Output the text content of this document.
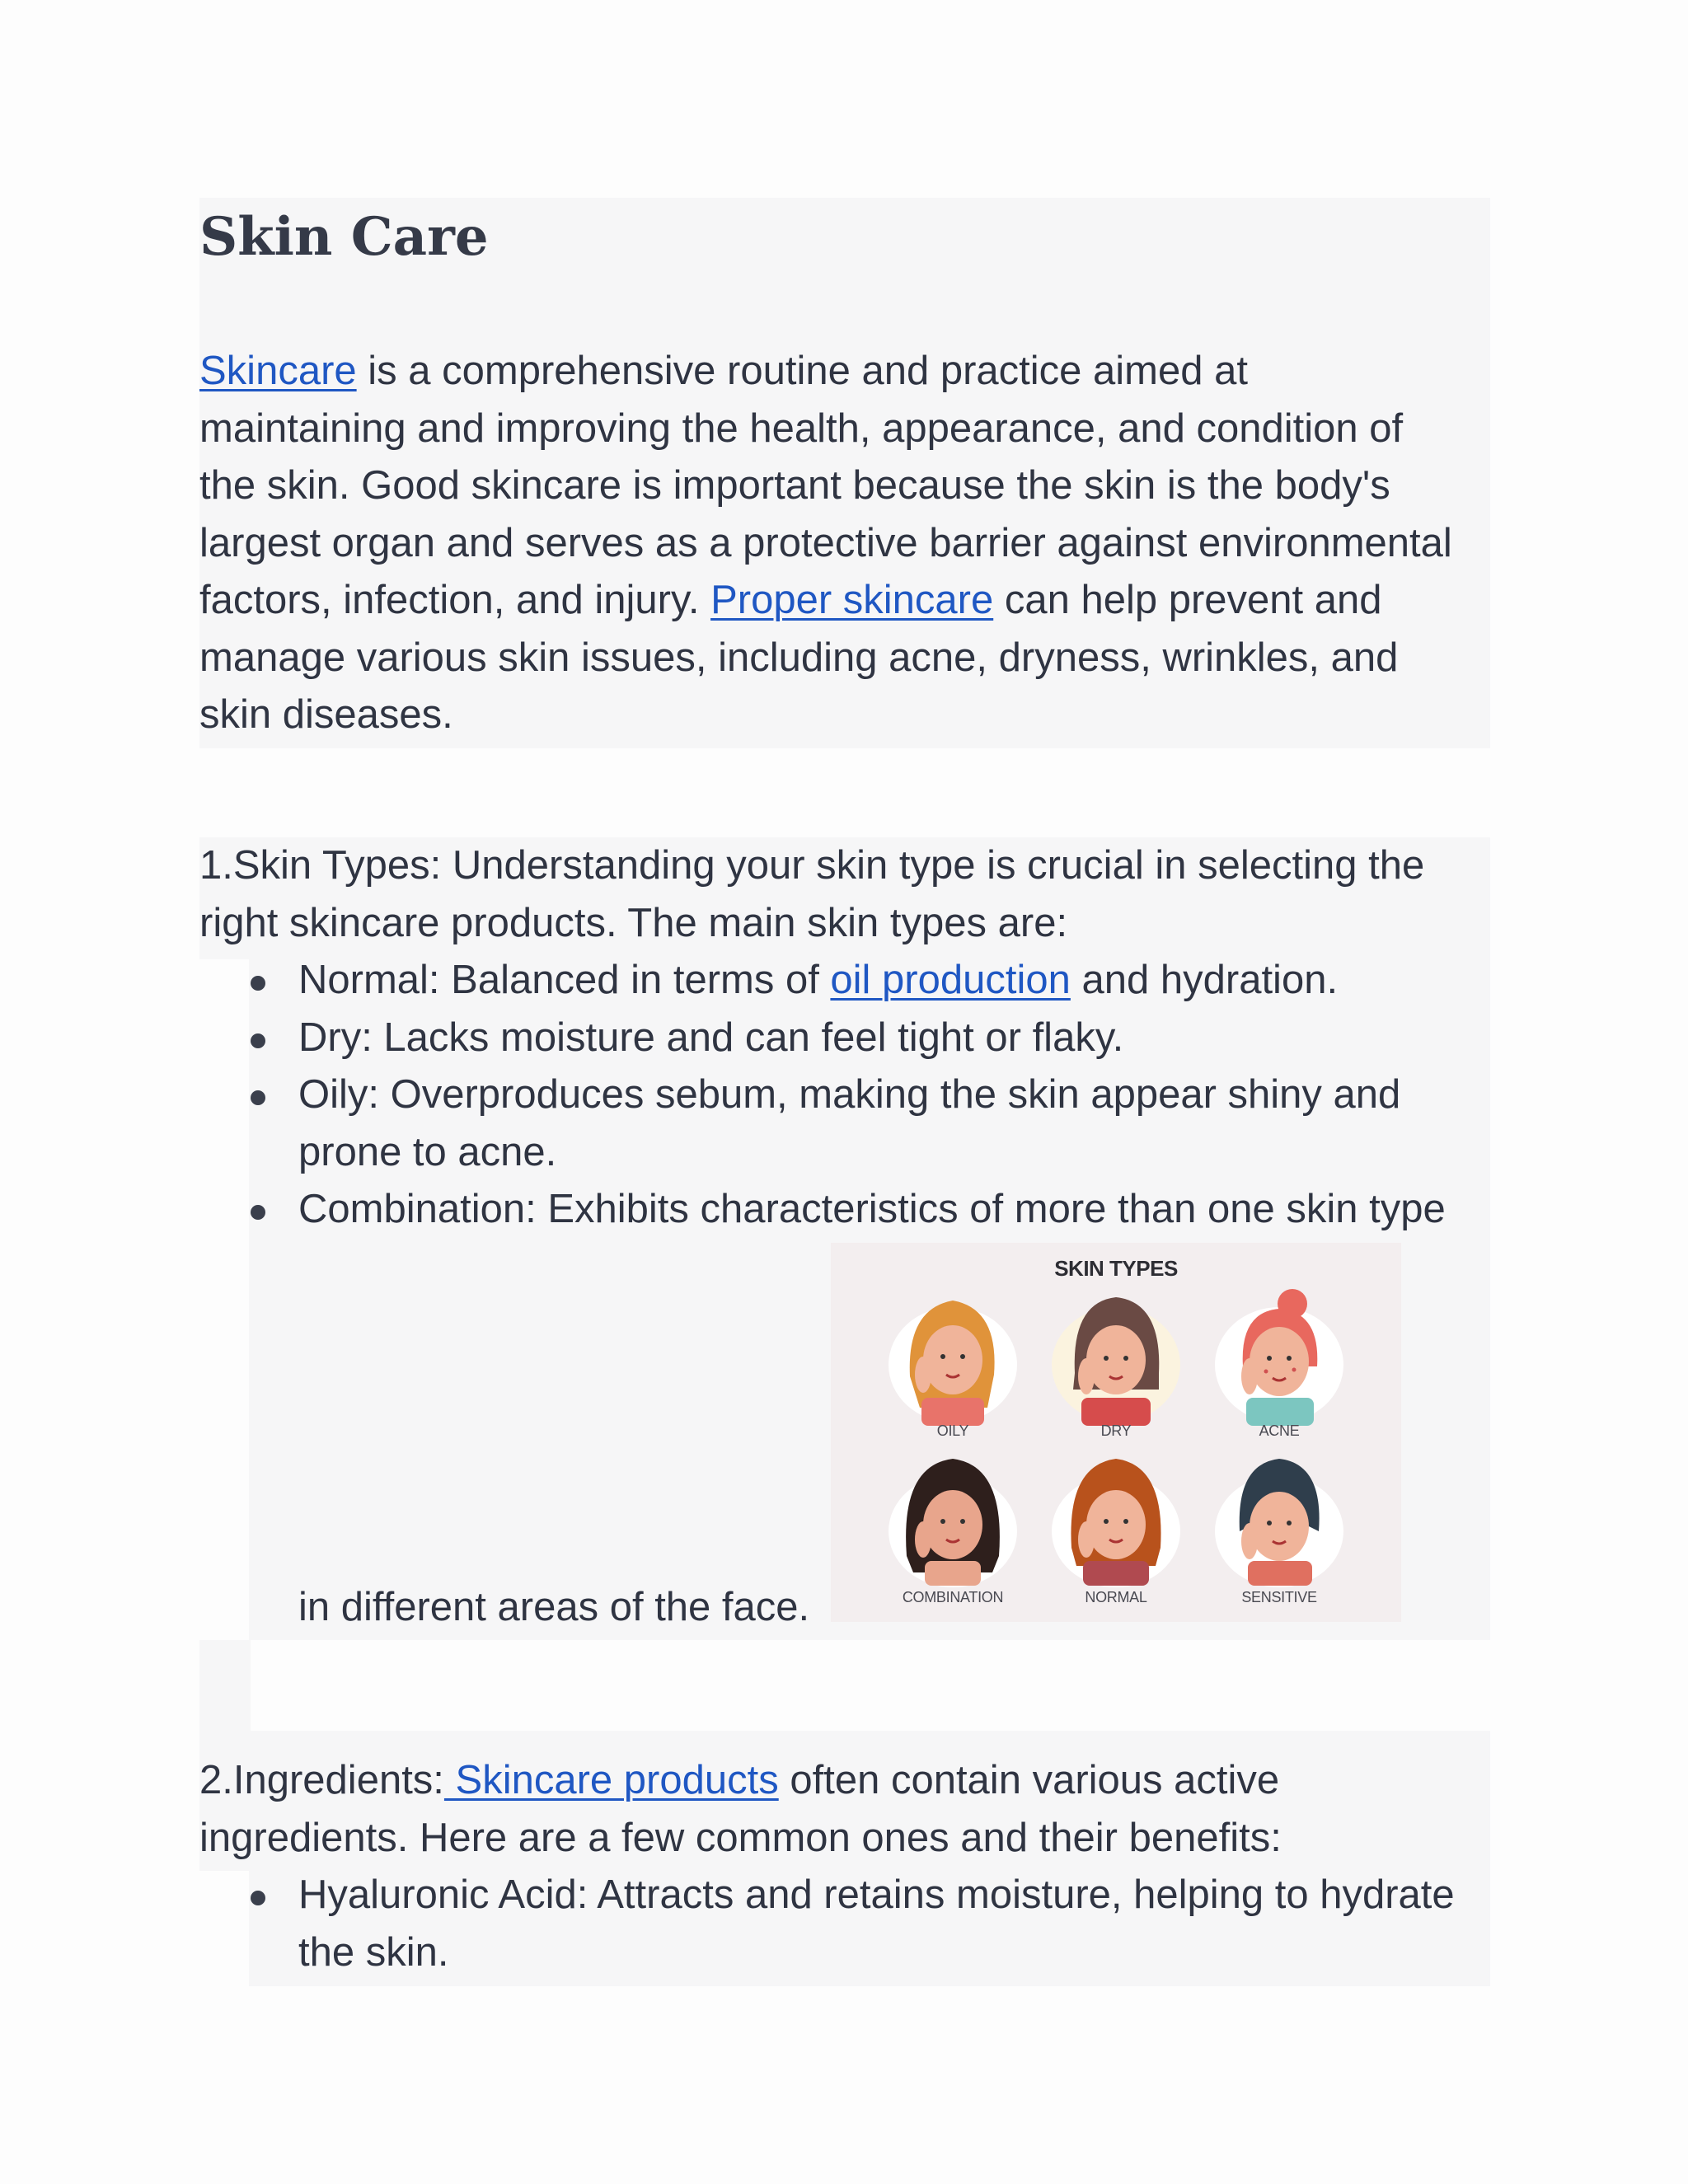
Skin Care

Skincare is a comprehensive routine and practice aimed at
maintaining and improving the health, appearance, and condition of
the skin. Good skincare is important because the skin is the body's
largest organ and serves as a protective barrier against environmental
factors, infection, and injury. Proper skincare can help prevent and
manage various skin issues, including acne, dryness, wrinkles, and
skin diseases.

1.Skin Types: Understanding your skin type is crucial in selecting the
right skincare products. The main skin types are:

Normal: Balanced in terms of oil production and hydration.
Dry: Lacks moisture and can feel tight or flaky.
Oily: Overproduces sebum, making the skin appear shiny and
prone to acne.
Combination: Exhibits characteristics of more than one skin type
in different areas of the face.
SKIN TYPES
OILY	DRY	ACNE
COMBINATION	NORMAL	SENSITIVE

2.Ingredients: Skincare products often contain various active
ingredients. Here are a few common ones and their benefits:

Hyaluronic Acid: Attracts and retains moisture, helping to hydrate
the skin.
